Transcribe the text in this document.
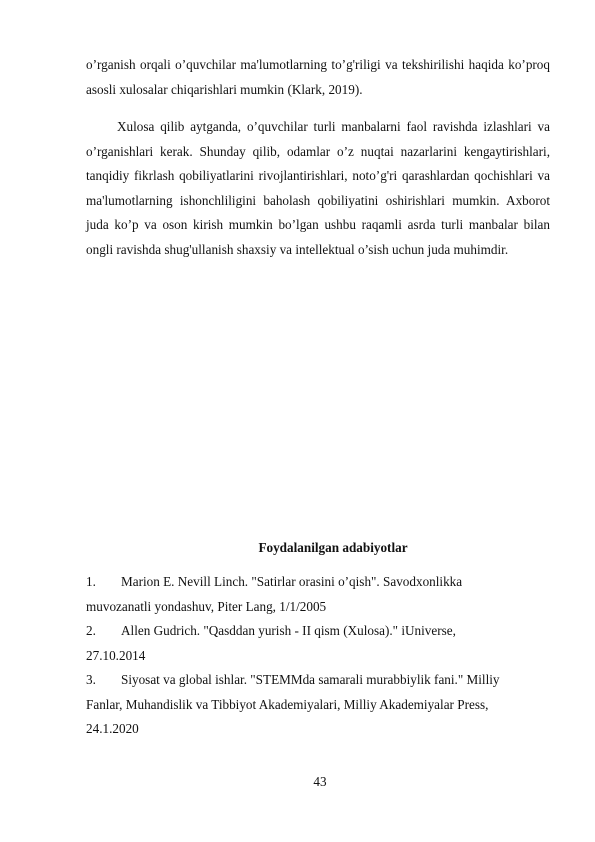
o’rganish orqali o’quvchilar ma'lumotlarning to’g'riligi va tekshirilishi haqida ko’proq asosli xulosalar chiqarishlari mumkin (Klark, 2019).

Xulosa qilib aytganda, o’quvchilar turli manbalarni faol ravishda izlashlari va o’rganishlari kerak. Shunday qilib, odamlar o’z nuqtai nazarlarini kengaytirishlari, tanqidiy fikrlash qobiliyatlarini rivojlantirishlari, noto’g'ri qarashlardan qochishlari va ma'lumotlarning ishonchliligini baholash qobiliyatini oshirishlari mumkin. Axborot juda ko’p va oson kirish mumkin bo’lgan ushbu raqamli asrda turli manbalar bilan ongli ravishda shug'ullanish shaxsiy va intellektual o’sish uchun juda muhimdir.

Foydalanilgan adabiyotlar

1. Marion E. Nevill Linch. "Satirlar orasini o’qish". Savodxonlikka
muvozanatli yondashuv, Piter Lang, 1/1/2005
2. Allen Gudrich. "Qasddan yurish - II qism (Xulosa)." iUniverse,
27.10.2014
3. Siyosat va global ishlar. "STEMMda samarali murabbiylik fani." Milliy
Fanlar, Muhandislik va Tibbiyot Akademiyalari, Milliy Akademiyalar Press,
24.1.2020

43
